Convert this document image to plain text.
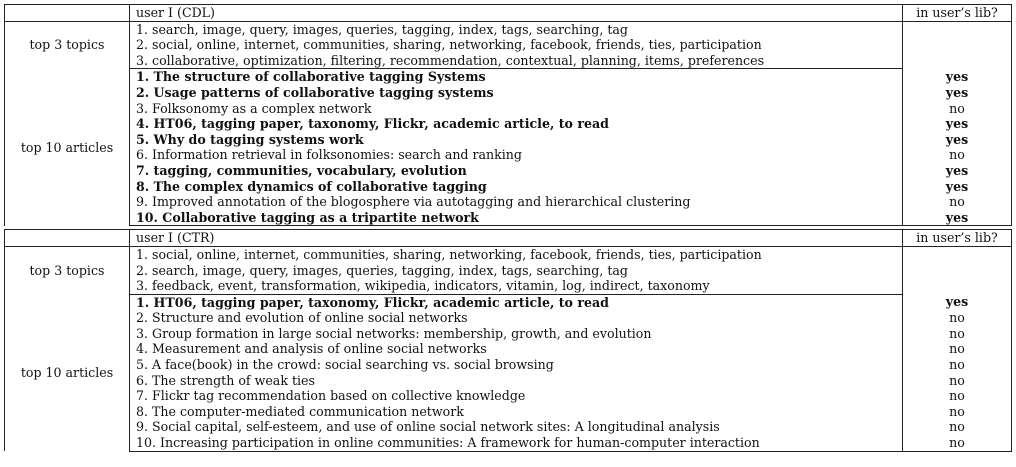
	user I (CDL)	in user’s lib?
top 3 topics	1. search, image, query, images, queries, tagging, index, tags, searching, tag	
	2. social, online, internet, communities, sharing, networking, facebook, friends, ties, participation	
	3. collaborative, optimization, filtering, recommendation, contextual, planning, items, preferences	
top 10 articles	1. The structure of collaborative tagging Systems	yes
	2. Usage patterns of collaborative tagging systems	yes
	3. Folksonomy as a complex network	no
	4. HT06, tagging paper, taxonomy, Flickr, academic article, to read	yes
	5. Why do tagging systems work	yes
	6. Information retrieval in folksonomies: search and ranking	no
	7. tagging, communities, vocabulary, evolution	yes
	8. The complex dynamics of collaborative tagging	yes
	9. Improved annotation of the blogosphere via autotagging and hierarchical clustering	no
	10. Collaborative tagging as a tripartite network	yes

	user I (CTR)	in user’s lib?
top 3 topics	1. social, online, internet, communities, sharing, networking, facebook, friends, ties, participation	
	2. search, image, query, images, queries, tagging, index, tags, searching, tag	
	3. feedback, event, transformation, wikipedia, indicators, vitamin, log, indirect, taxonomy	
top 10 articles	1. HT06, tagging paper, taxonomy, Flickr, academic article, to read	yes
	2. Structure and evolution of online social networks	no
	3. Group formation in large social networks: membership, growth, and evolution	no
	4. Measurement and analysis of online social networks	no
	5. A face(book) in the crowd: social searching vs. social browsing	no
	6. The strength of weak ties	no
	7. Flickr tag recommendation based on collective knowledge	no
	8. The computer-mediated communication network	no
	9. Social capital, self-esteem, and use of online social network sites: A longitudinal analysis	no
	10. Increasing participation in online communities: A framework for human-computer interaction	no
